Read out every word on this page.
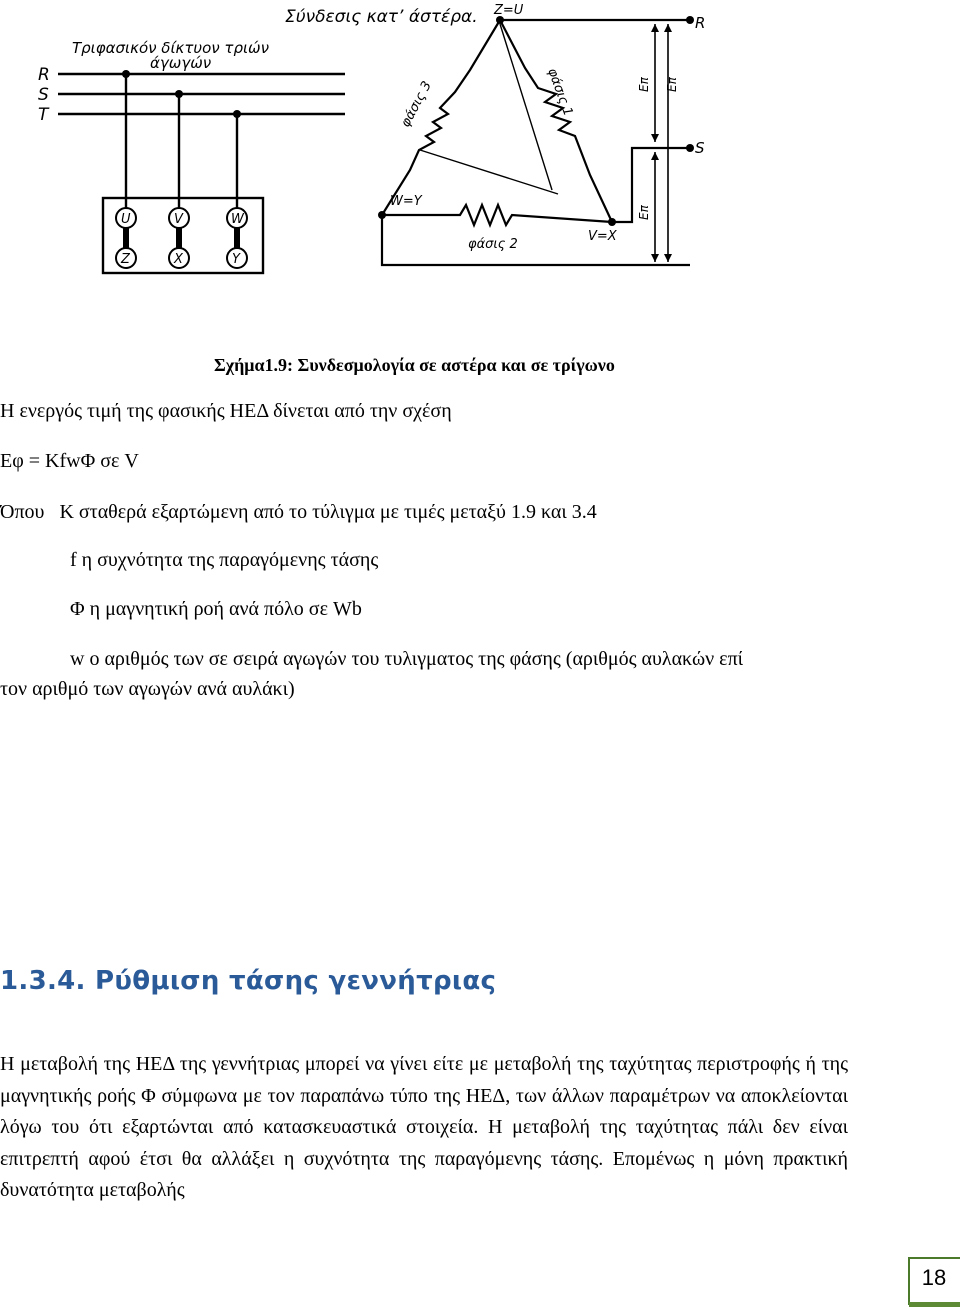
Σύνδεσις κατ’ άστέρα.
Τριφασικόν δίκτυον τριών
άγωγών
R
S
T
U	V	W
Z	X	Y
Z=U
W=Y
V=X
φάσις 2
φάσις 1
φάσις 3
R
S
Επ Επ
Επ

Σχήμα1.9: Συνδεσμολογία σε αστέρα και σε τρίγωνο

Η ενεργός τιμή της φασικής ΗΕΔ δίνεται από την σχέση

Εφ = ΚfwΦ σε V

Όπου   Κ σταθερά εξαρτώμενη από το τύλιγμα με τιμές μεταξύ 1.9 και 3.4

f η συχνότητα της παραγόμενης τάσης

Φ η μαγνητική ροή ανά πόλο σε Wb

w ο αριθμός των σε σειρά αγωγών του τυλιγματος της φάσης (αριθμός αυλακών επί

τον αριθμό των αγωγών ανά αυλάκι)

1.3.4. Ρύθμιση τάσης γεννήτριας

Η μεταβολή της ΗΕΔ της γεννήτριας μπορεί να γίνει είτε με μεταβολή της ταχύτητας περιστροφής ή της μαγνητικής ροής Φ σύμφωνα με τον παραπάνω τύπο της ΗΕΔ, των άλλων παραμέτρων να αποκλείονται λόγω του ότι εξαρτώνται από κατασκευαστικά στοιχεία. Η μεταβολή της ταχύτητας πάλι δεν είναι επιτρεπτή αφού έτσι θα αλλάξει η συχνότητα της παραγόμενης τάσης. Επομένως η μόνη πρακτική δυνατότητα μεταβολής

18
